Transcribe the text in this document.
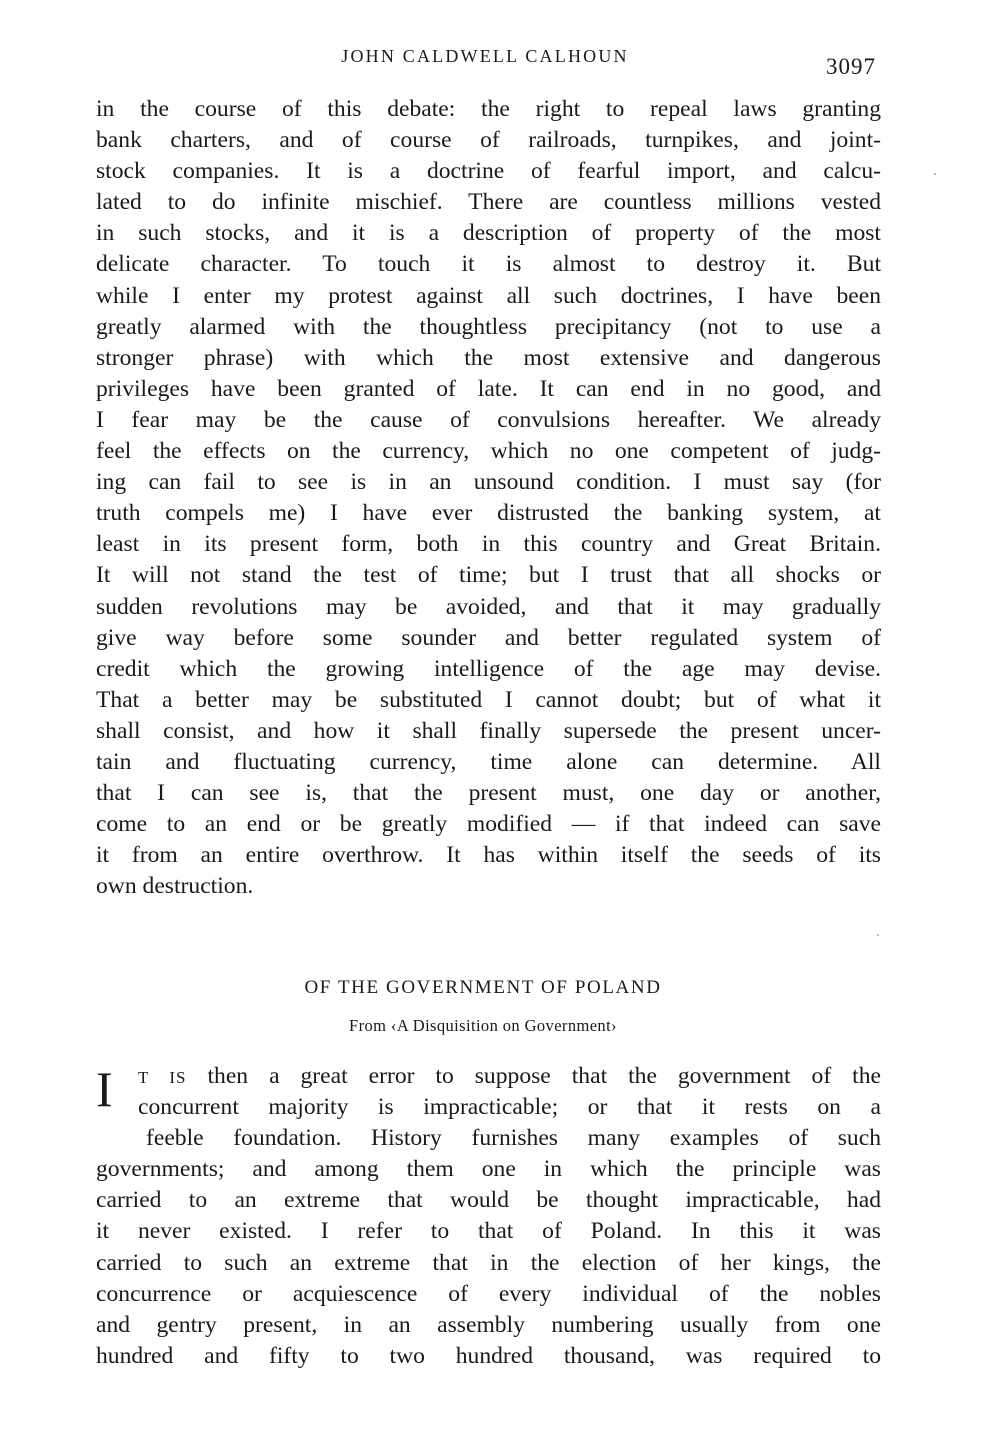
JOHN CALDWELL CALHOUN	3097
in the course of this debate: the right to repeal laws granting
bank charters, and of course of railroads, turnpikes, and joint-
stock companies. It is a doctrine of fearful import, and calcu-
lated to do infinite mischief. There are countless millions vested
in such stocks, and it is a description of property of the most
delicate character. To touch it is almost to destroy it. But
while I enter my protest against all such doctrines, I have been
greatly alarmed with the thoughtless precipitancy (not to use a
stronger phrase) with which the most extensive and dangerous
privileges have been granted of late. It can end in no good, and
I fear may be the cause of convulsions hereafter. We already
feel the effects on the currency, which no one competent of judg-
ing can fail to see is in an unsound condition. I must say (for
truth compels me) I have ever distrusted the banking system, at
least in its present form, both in this country and Great Britain.
It will not stand the test of time; but I trust that all shocks or
sudden revolutions may be avoided, and that it may gradually
give way before some sounder and better regulated system of
credit which the growing intelligence of the age may devise.
That a better may be substituted I cannot doubt; but of what it
shall consist, and how it shall finally supersede the present uncer-
tain and fluctuating currency, time alone can determine. All
that I can see is, that the present must, one day or another,
come to an end or be greatly modified — if that indeed can save
it from an entire overthrow. It has within itself the seeds of its
own destruction.
OF THE GOVERNMENT OF POLAND
From ‹A Disquisition on Government›
I T IS then a great error to suppose that the government of the
concurrent majority is impracticable; or that it rests on a
feeble foundation. History furnishes many examples of such
governments; and among them one in which the principle was
carried to an extreme that would be thought impracticable, had
it never existed. I refer to that of Poland. In this it was
carried to such an extreme that in the election of her kings, the
concurrence or acquiescence of every individual of the nobles
and gentry present, in an assembly numbering usually from one
hundred and fifty to two hundred thousand, was required to
